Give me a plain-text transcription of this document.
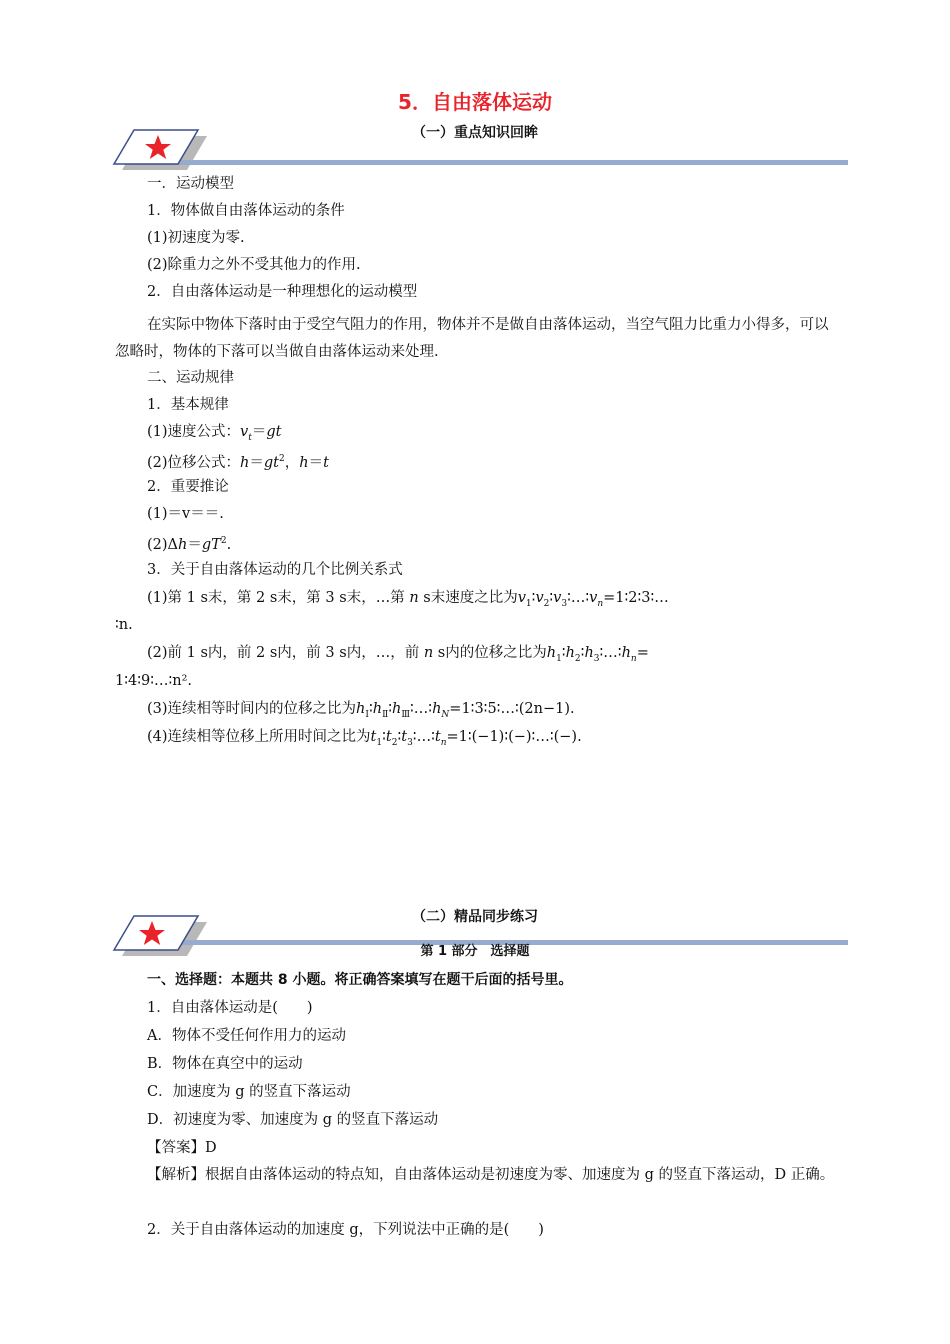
5．自由落体运动
（一）重点知识回眸
一．运动模型
1．物体做自由落体运动的条件
(1)初速度为零.
(2)除重力之外不受其他力的作用.
2．自由落体运动是一种理想化的运动模型
在实际中物体下落时由于受空气阻力的作用，物体并不是做自由落体运动，当空气阻力比重力小得多，可以忽略时，物体的下落可以当做自由落体运动来处理.
二、运动规律
1．基本规律
(1)速度公式：$v_t=gt$
(2)位移公式：$h=gt^2$，h＝t
2．重要推论
(1)＝v＝＝.
$(2)\Delta h=gT^2$.
3．关于自由落体运动的几个比例关系式
(1)第 1 s末，第 2 s末，第 3 s末，…第 n s末速度之比为$v_1∶v_2∶v_3∶\dots∶v_n=1∶2∶3∶\dots$
∶n.
(2)前 1 s内，前 2 s内，前 3 s内，…，前 n s内的位移之比为$h_1∶h_2∶h_3∶\dots∶h_n=$
1∶4∶9∶…∶n².
(3)连续相等时间内的位移之比为$h_Ⅰ∶h_Ⅱ∶h_Ⅲ∶\dots∶h_N=1∶3∶5∶\dots∶(2n-1)$.
(4)连续相等位移上所用时间之比为$t_1∶t_2∶t_3∶\dots∶t_n=1∶(-1)∶(-)∶\dots∶(-)$.
（二）精品同步练习
第 1 部分　选择题
一、选择题：本题共 8 小题。将正确答案填写在题干后面的括号里。
1．自由落体运动是(　　)
A．物体不受任何作用力的运动
B．物体在真空中的运动
C．加速度为 g 的竖直下落运动
D．初速度为零、加速度为 g 的竖直下落运动
【答案】D
【解析】根据自由落体运动的特点知，自由落体运动是初速度为零、加速度为 g 的竖直下落运动，D 正确。
2．关于自由落体运动的加速度 g，下列说法中正确的是(　　)
